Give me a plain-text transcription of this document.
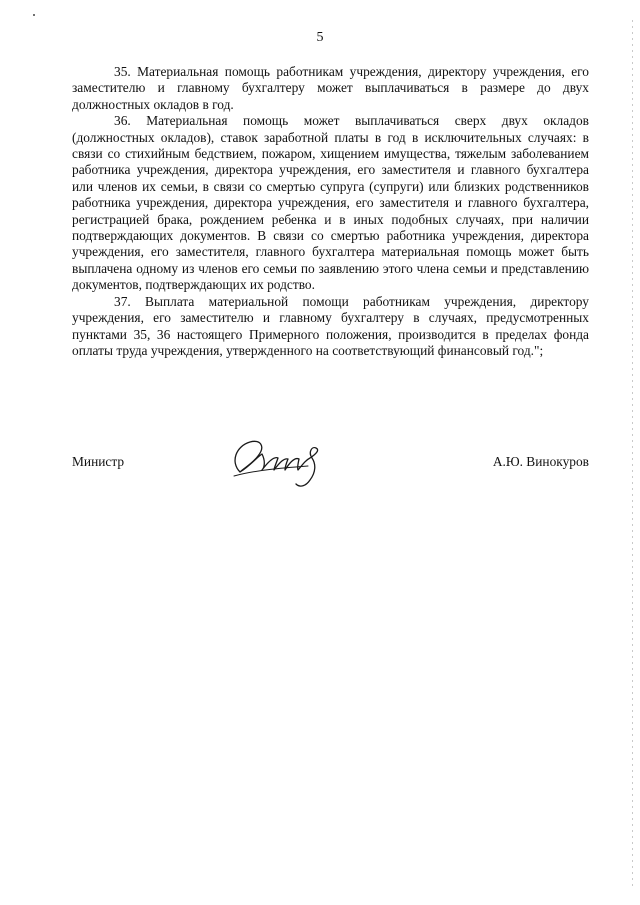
5

35. Материальная помощь работникам учреждения, директору учреждения, его заместителю и главному бухгалтеру может выплачиваться в размере до двух должностных окладов в год.

36. Материальная помощь может выплачиваться сверх двух окладов (должностных окладов), ставок заработной платы в год в исключительных случаях: в связи со стихийным бедствием, пожаром, хищением имущества, тяжелым заболеванием работника учреждения, директора учреждения, его заместителя и главного бухгалтера или членов их семьи, в связи со смертью супруга (супруги) или близких родственников работника учреждения, директора учреждения, его заместителя и главного бухгалтера, регистрацией брака, рождением ребенка и в иных подобных случаях, при наличии подтверждающих документов. В связи со смертью работника учреждения, директора учреждения, его заместителя, главного бухгалтера материальная помощь может быть выплачена одному из членов его семьи по заявлению этого члена семьи и представлению документов, подтверждающих их родство.

37. Выплата материальной помощи работникам учреждения, директору учреждения, его заместителю и главному бухгалтеру в случаях, предусмотренных пунктами 35, 36 настоящего Примерного положения, производится в пределах фонда оплаты труда учреждения, утвержденного на соответствующий финансовый год.";

Министр	А.Ю. Винокуров
